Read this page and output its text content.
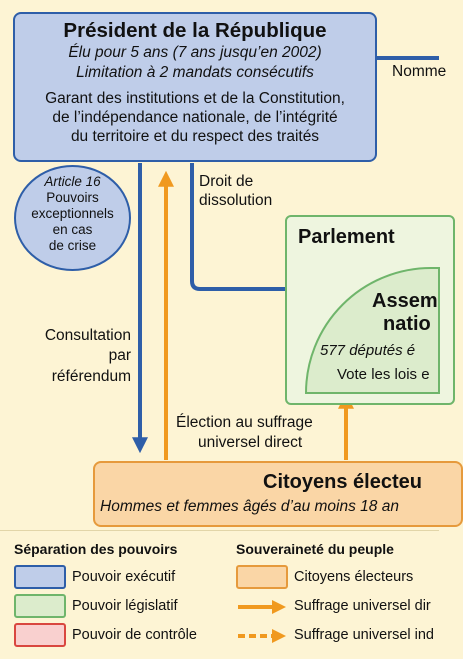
Président de la République
Élu pour 5 ans (7 ans jusqu’en 2002)
Limitation à 2 mandats consécutifs
Garant des institutions et de la Constitution,
de l’indépendance nationale, de l’intégrité
du territoire et du respect des traités
Article 16
Pouvoirs
exceptionnels
en cas
de crise
Nomme
Droit de
dissolution
Consultation
par
référendum
Élection au suffrage
universel direct
Parlement
Assem
natio
577 députés é
Vote les lois e
Citoyens électeu
Hommes et femmes âgés d’au moins 18 an
Séparation des pouvoirs
Pouvoir exécutif
Pouvoir législatif
Pouvoir de contrôle
Souveraineté du peuple
Citoyens électeurs
Suffrage universel dir
Suffrage universel ind
